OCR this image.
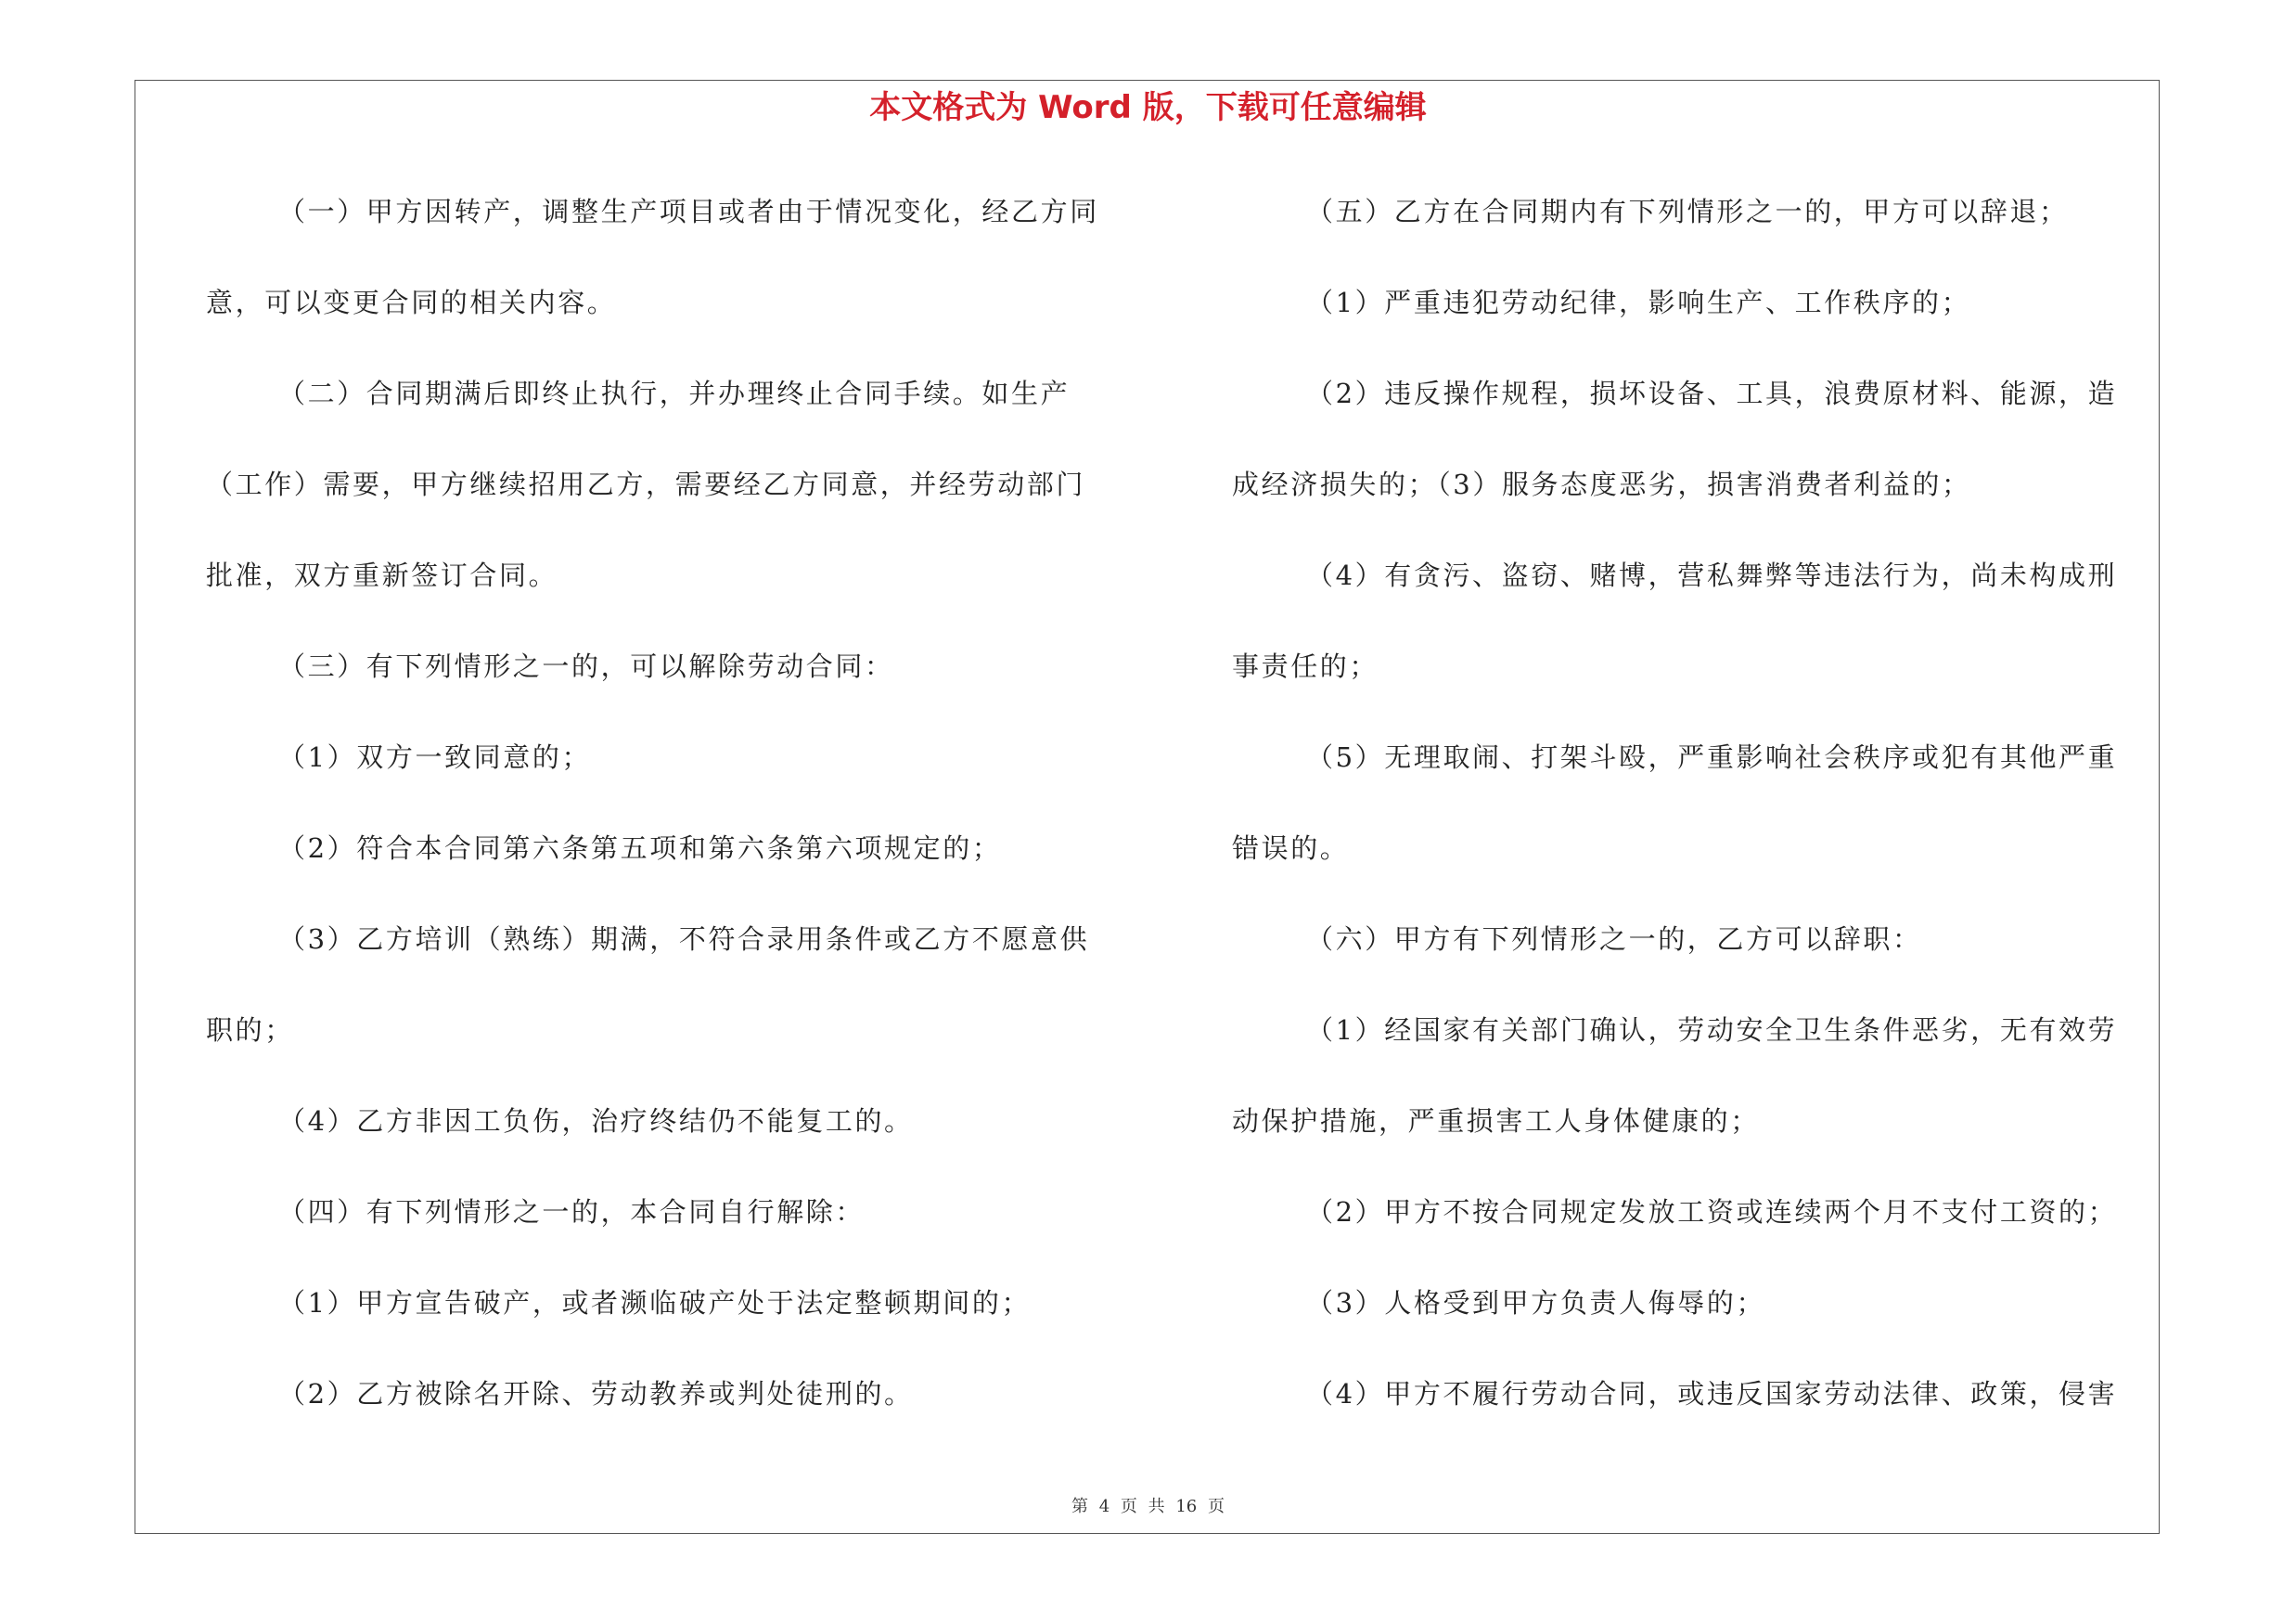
本文格式为 Word 版，下载可任意编辑
（一）甲方因转产，调整生产项目或者由于情况变化，经乙方同
意，可以变更合同的相关内容。
（二）合同期满后即终止执行，并办理终止合同手续。如生产
（工作）需要，甲方继续招用乙方，需要经乙方同意，并经劳动部门
批准，双方重新签订合同。
（三）有下列情形之一的，可以解除劳动合同：
（1）双方一致同意的；
（2）符合本合同第六条第五项和第六条第六项规定的；
（3）乙方培训（熟练）期满，不符合录用条件或乙方不愿意供
职的；
（4）乙方非因工负伤，治疗终结仍不能复工的。
（四）有下列情形之一的，本合同自行解除：
（1）甲方宣告破产，或者濒临破产处于法定整顿期间的；
（2）乙方被除名开除、劳动教养或判处徒刑的。
（五）乙方在合同期内有下列情形之一的，甲方可以辞退；
（1）严重违犯劳动纪律，影响生产、工作秩序的；
（2）违反操作规程，损坏设备、工具，浪费原材料、能源，造
成经济损失的；（3）服务态度恶劣，损害消费者利益的；
（4）有贪污、盗窃、赌博，营私舞弊等违法行为，尚未构成刑
事责任的；
（5）无理取闹、打架斗殴，严重影响社会秩序或犯有其他严重
错误的。
（六）甲方有下列情形之一的，乙方可以辞职：
（1）经国家有关部门确认，劳动安全卫生条件恶劣，无有效劳
动保护措施，严重损害工人身体健康的；
（2）甲方不按合同规定发放工资或连续两个月不支付工资的；
（3）人格受到甲方负责人侮辱的；
（4）甲方不履行劳动合同，或违反国家劳动法律、政策，侵害
第 4 页 共 16 页
